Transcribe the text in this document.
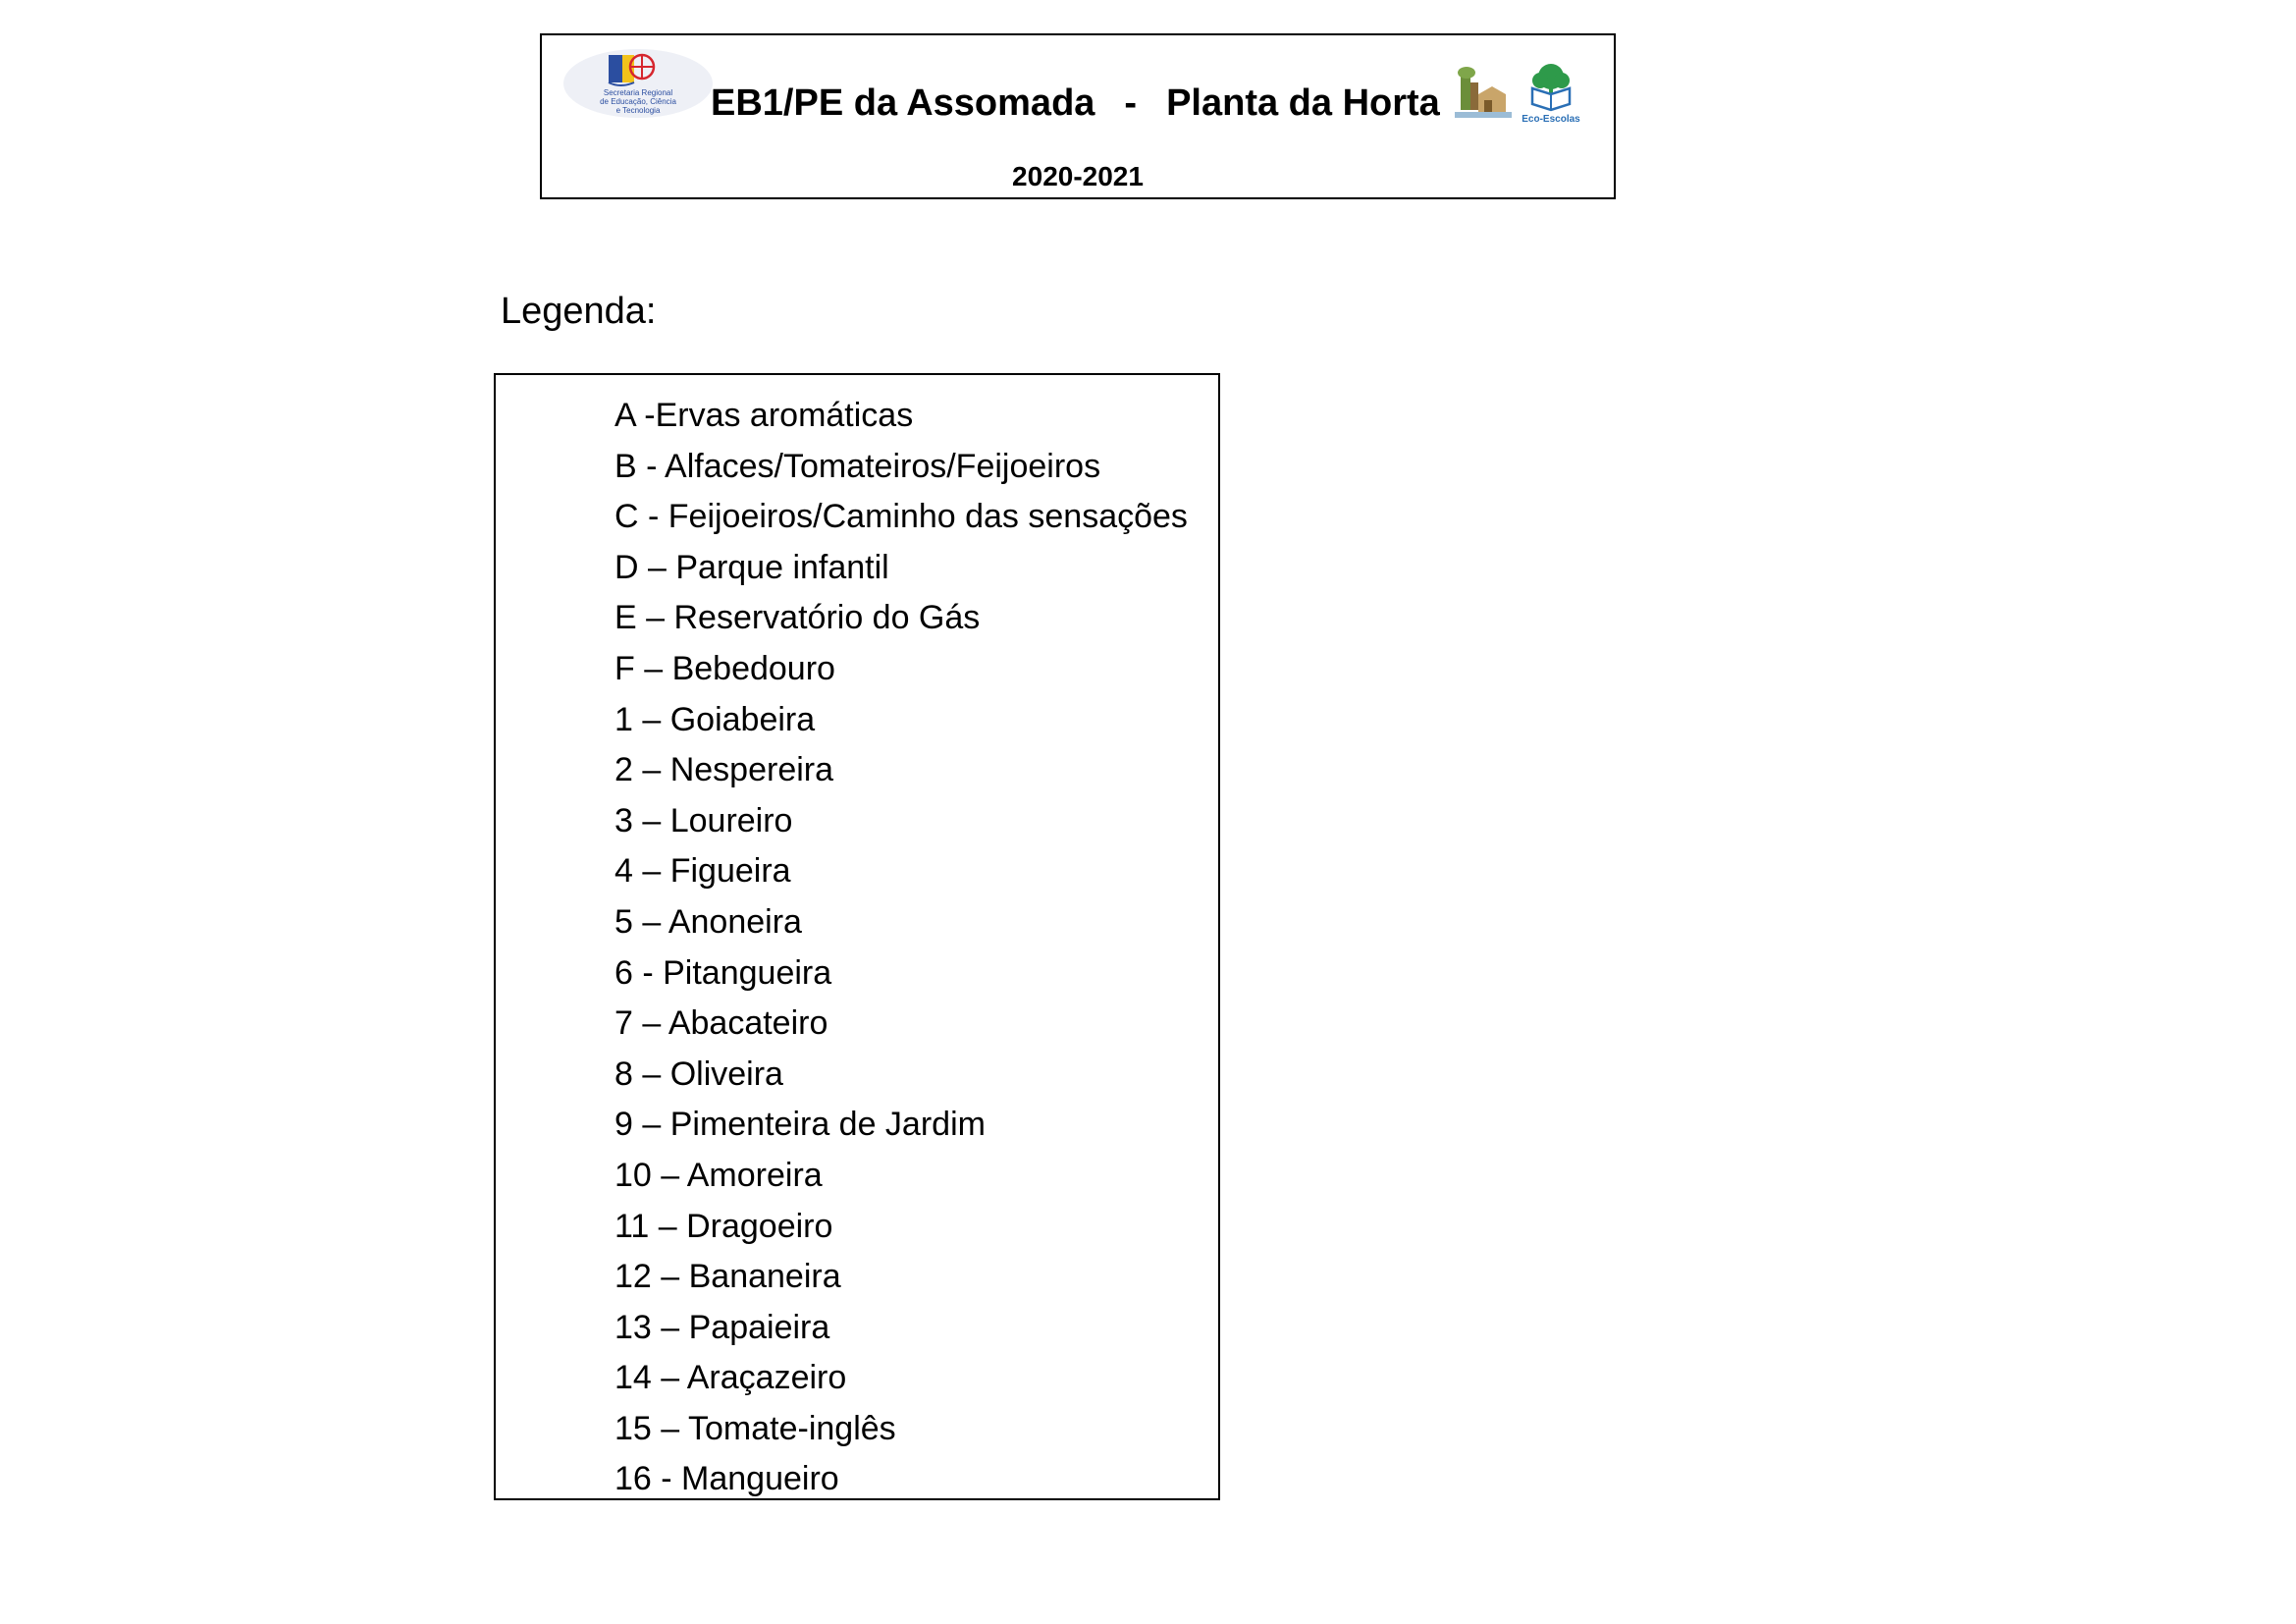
Secretaria Regional
de Educação, Ciência
e Tecnologia EB1/PE da Assomada - Planta da Horta	Eco-Escolas
2020-2021
Legenda:
A -Ervas aromáticas
B - Alfaces/Tomateiros/Feijoeiros
C - Feijoeiros/Caminho das sensações
D – Parque infantil
E – Reservatório do Gás
F – Bebedouro
1 – Goiabeira
2 – Nespereira
3 – Loureiro
4 – Figueira
5 – Anoneira
6 - Pitangueira
7 – Abacateiro
8 – Oliveira
9 – Pimenteira de Jardim
10 – Amoreira
11 – Dragoeiro
12 – Bananeira
13 – Papaieira
14 – Araçazeiro
15 – Tomate-inglês
16 - Mangueiro
